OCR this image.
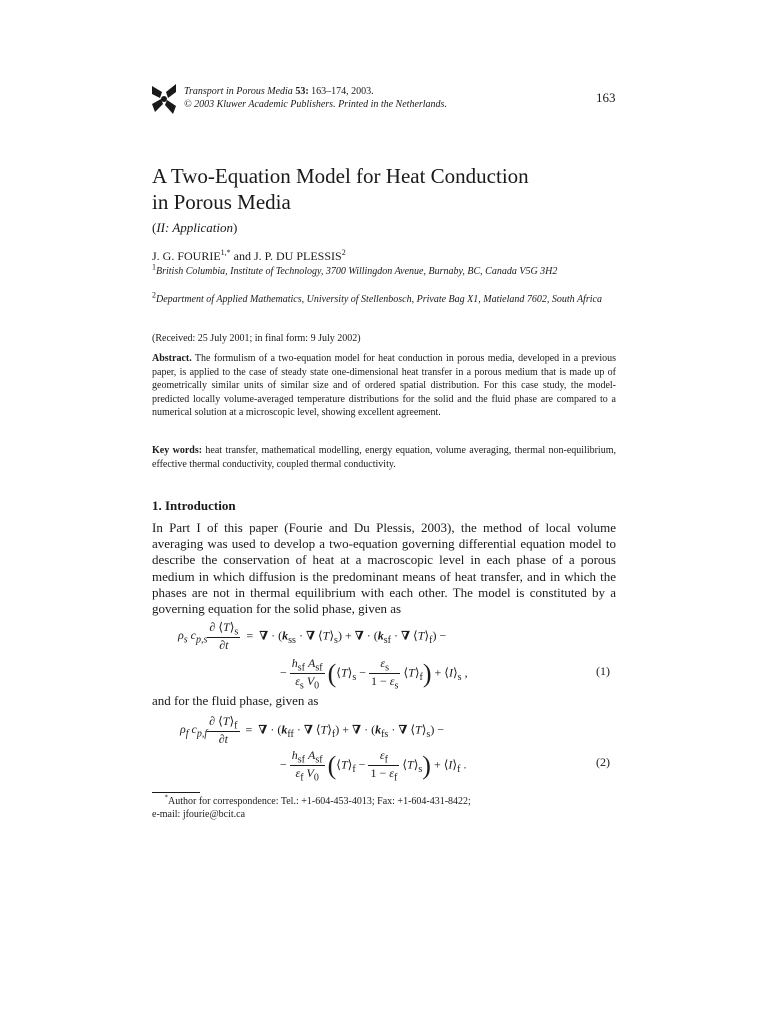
Transport in Porous Media 53: 163–174, 2003.
© 2003 Kluwer Academic Publishers. Printed in the Netherlands.	163
A Two-Equation Model for Heat Conduction
in Porous Media
(II: Application)
J. G. $FOURIE^{1,*}$ and J. P. DU PLESSIS$^2$
$^1$British Columbia, Institute of Technology, 3700 Willingdon Avenue, Burnaby, BC, Canada V5G 3H2
$^2$Department of Applied Mathematics, University of Stellenbosch, Private Bag X1, Matieland 7602, South Africa
(Received: 25 July 2001; in final form: 9 July 2002)
Abstract. The formulism of a two-equation model for heat conduction in porous media, developed in a previous paper, is applied to the case of steady state one-dimensional heat transfer in a porous medium that is made up of geometrically similar units of similar size and of ordered spatial distribution. For this case study, the model-predicted locally volume-averaged temperature distributions for the solid and the fluid phase are compared to a numerical solution at a microscopic level, showing excellent agreement.
Key words: heat transfer, mathematical modelling, energy equation, volume averaging, thermal non-equilibrium, effective thermal conductivity, coupled thermal conductivity.
1. Introduction
In Part I of this paper (Fourie and Du Plessis, 2003), the method of local volume averaging was used to develop a two-equation governing differential equation model to describe the conservation of heat at a macroscopic level in each phase of a porous medium in which diffusion is the predominant means of heat transfer, and in which the phases are not in thermal equilibrium with each other. The model is constituted by a governing equation for the solid phase, given as
$\rho_s$ $c_{p,s} \frac{\partial ⟨T⟩_s}{\partial t}$ =  ∇ · ($k_{ss}$ · ∇ $⟨T⟩_s$) + ∇ · ($k_{sf}$ · ∇ $⟨T⟩_f$) −
− $\frac{h_{sf} A_{sf}}{\varepsilon_s V_0}$ ($⟨T⟩_s - \frac{\varepsilon_s}{1 - \varepsilon_s}$ $⟨T⟩_f$) + $⟨I⟩_s$ ,	(1)
and for the fluid phase, given as
$\rho_f$ $c_{p,f} \frac{\partial ⟨T⟩_f}{\partial t}$ =  ∇ · ($k_{ff}$ · ∇ $⟨T⟩_f$) + ∇ · ($k_{fs}$ · ∇ $⟨T⟩_s$) −
− $\frac{h_{sf} A_{sf}}{\varepsilon_f V_0}$ ($⟨T⟩_f - \frac{\varepsilon_f}{1 - \varepsilon_f}$ $⟨T⟩_s$) + $⟨I⟩_f$ .	(2)
*Author for correspondence: Tel.: +1-604-453-4013; Fax: +1-604-431-8422;
e-mail: jfourie@bcit.ca
